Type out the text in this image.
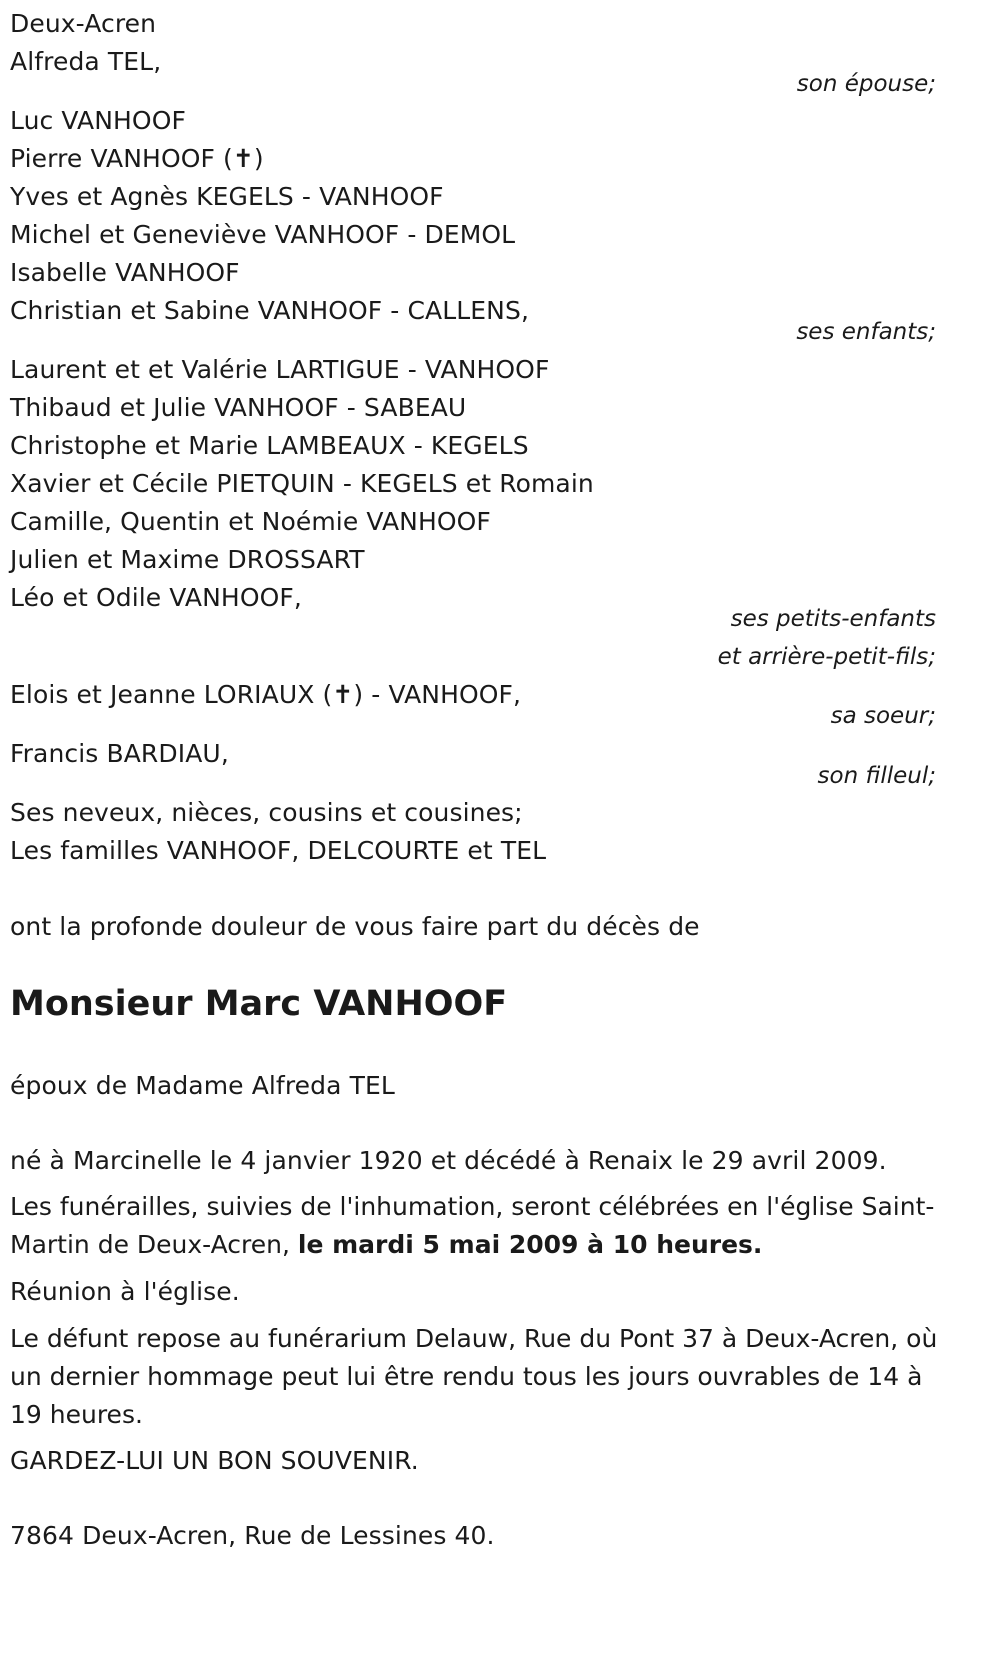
Deux-Acren
Alfreda TEL,
son épouse;
Luc VANHOOF
Pierre VANHOOF (✝)
Yves et Agnès KEGELS - VANHOOF
Michel et Geneviève VANHOOF - DEMOL
Isabelle VANHOOF
Christian et Sabine VANHOOF - CALLENS,
ses enfants;
Laurent et et Valérie LARTIGUE - VANHOOF
Thibaud et Julie VANHOOF - SABEAU
Christophe et Marie LAMBEAUX - KEGELS
Xavier et Cécile PIETQUIN - KEGELS et Romain
Camille, Quentin et Noémie VANHOOF
Julien et Maxime DROSSART
Léo et Odile VANHOOF,
ses petits-enfants
et arrière-petit-fils;
Elois et Jeanne LORIAUX (✝) - VANHOOF,
sa soeur;
Francis BARDIAU,
son filleul;
Ses neveux, nièces, cousins et cousines;
Les familles VANHOOF, DELCOURTE et TEL
ont la profonde douleur de vous faire part du décès de
Monsieur Marc VANHOOF
époux de Madame Alfreda TEL
né à Marcinelle le 4 janvier 1920 et décédé à Renaix le 29 avril 2009.
Les funérailles, suivies de l'inhumation, seront célébrées en l'église Saint-Martin de Deux-Acren, le mardi 5 mai 2009 à 10 heures.
Réunion à l'église.
Le défunt repose au funérarium Delauw, Rue du Pont 37 à Deux-Acren, où un dernier hommage peut lui être rendu tous les jours ouvrables de 14 à 19 heures.
GARDEZ-LUI UN BON SOUVENIR.
7864 Deux-Acren, Rue de Lessines 40.
